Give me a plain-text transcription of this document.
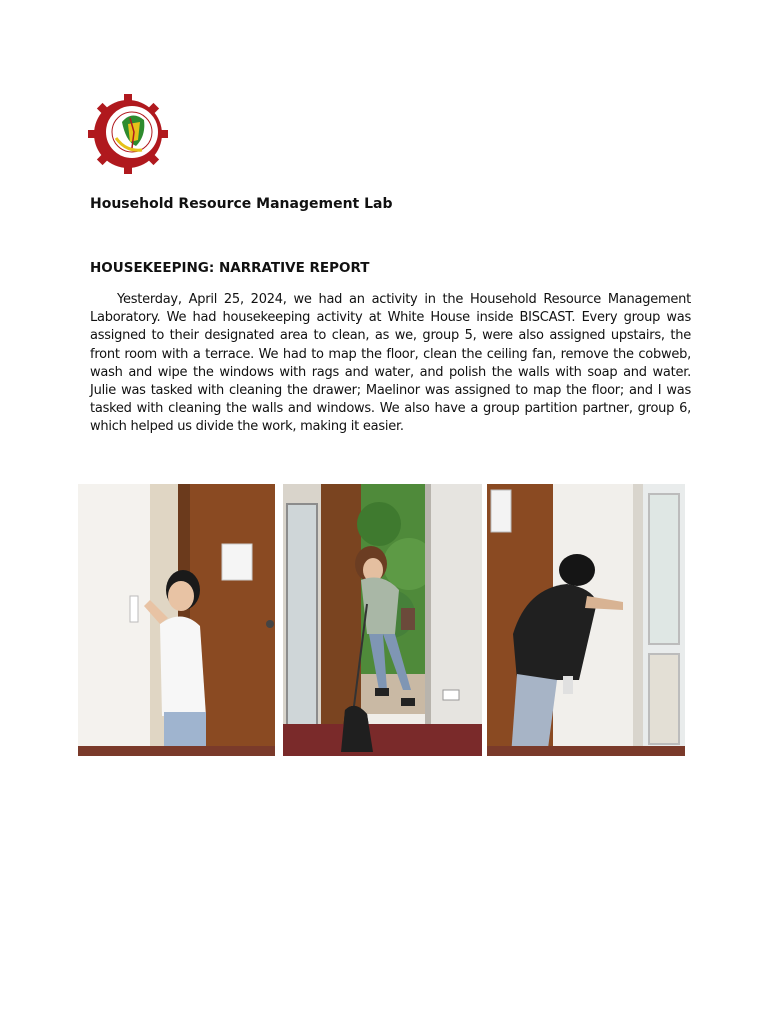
Household Resource Management Lab

HOUSEKEEPING: NARRATIVE REPORT

Yesterday, April 25, 2024, we had an activity in the Household Resource Management Laboratory. We had housekeeping activity at White House inside BISCAST. Every group was assigned to their designated area to clean, as we, group 5, were also assigned upstairs, the front room with a terrace. We had to map the floor, clean the ceiling fan, remove the cobweb, wash and wipe the windows with rags and water, and polish the walls with soap and water. Julie was tasked with cleaning the drawer; Maelinor was assigned to map the floor; and I was tasked with cleaning the walls and windows. We also have a group partition partner, group 6, which helped us divide the work, making it easier.
